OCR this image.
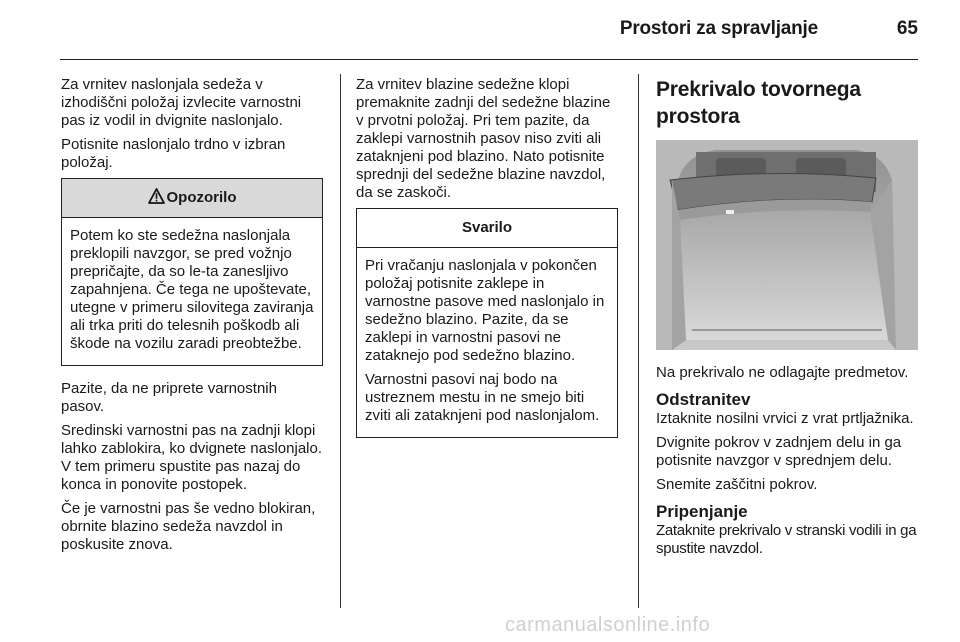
Prostori za spravljanje	65

Za vrnitev naslonjala sedeža v izhodiščni položaj izvlecite varnostni pas iz vodil in dvignite naslonjalo.

Potisnite naslonjalo trdno v izbran položaj.

Opozorilo

Potem ko ste sedežna naslonjala preklopili navzgor, se pred vožnjo prepričajte, da so le-ta zanesljivo zapahnjena. Če tega ne upoštevate, utegne v primeru silovitega zaviranja ali trka priti do telesnih poškodb ali škode na vozilu zaradi preobtežbe.

Pazite, da ne priprete varnostnih pasov.

Sredinski varnostni pas na zadnji klopi lahko zablokira, ko dvignete naslonjalo. V tem primeru spustite pas nazaj do konca in ponovite postopek.

Če je varnostni pas še vedno blokiran, obrnite blazino sedeža navzdol in poskusite znova.

Za vrnitev blazine sedežne klopi premaknite zadnji del sedežne blazine v prvotni položaj. Pri tem pazite, da zaklepi varnostnih pasov niso zviti ali zataknjeni pod blazino. Nato potisnite sprednji del sedežne blazine navzdol, da se zaskoči.

Svarilo

Pri vračanju naslonjala v pokončen položaj potisnite zaklepe in varnostne pasove med naslonjalo in sedežno blazino. Pazite, da se zaklepi in varnostni pasovi ne zataknejo pod sedežno blazino.

Varnostni pasovi naj bodo na ustreznem mestu in ne smejo biti zviti ali zataknjeni pod naslonjalom.

Prekrivalo tovornega prostora

Na prekrivalo ne odlagajte predmetov.

Odstranitev

Iztaknite nosilni vrvici z vrat prtljažnika.

Dvignite pokrov v zadnjem delu in ga potisnite navzgor v sprednjem delu.

Snemite zaščitni pokrov.

Pripenjanje

Zataknite prekrivalo v stranski vodili in ga spustite navzdol.

carmanualsonline.info
